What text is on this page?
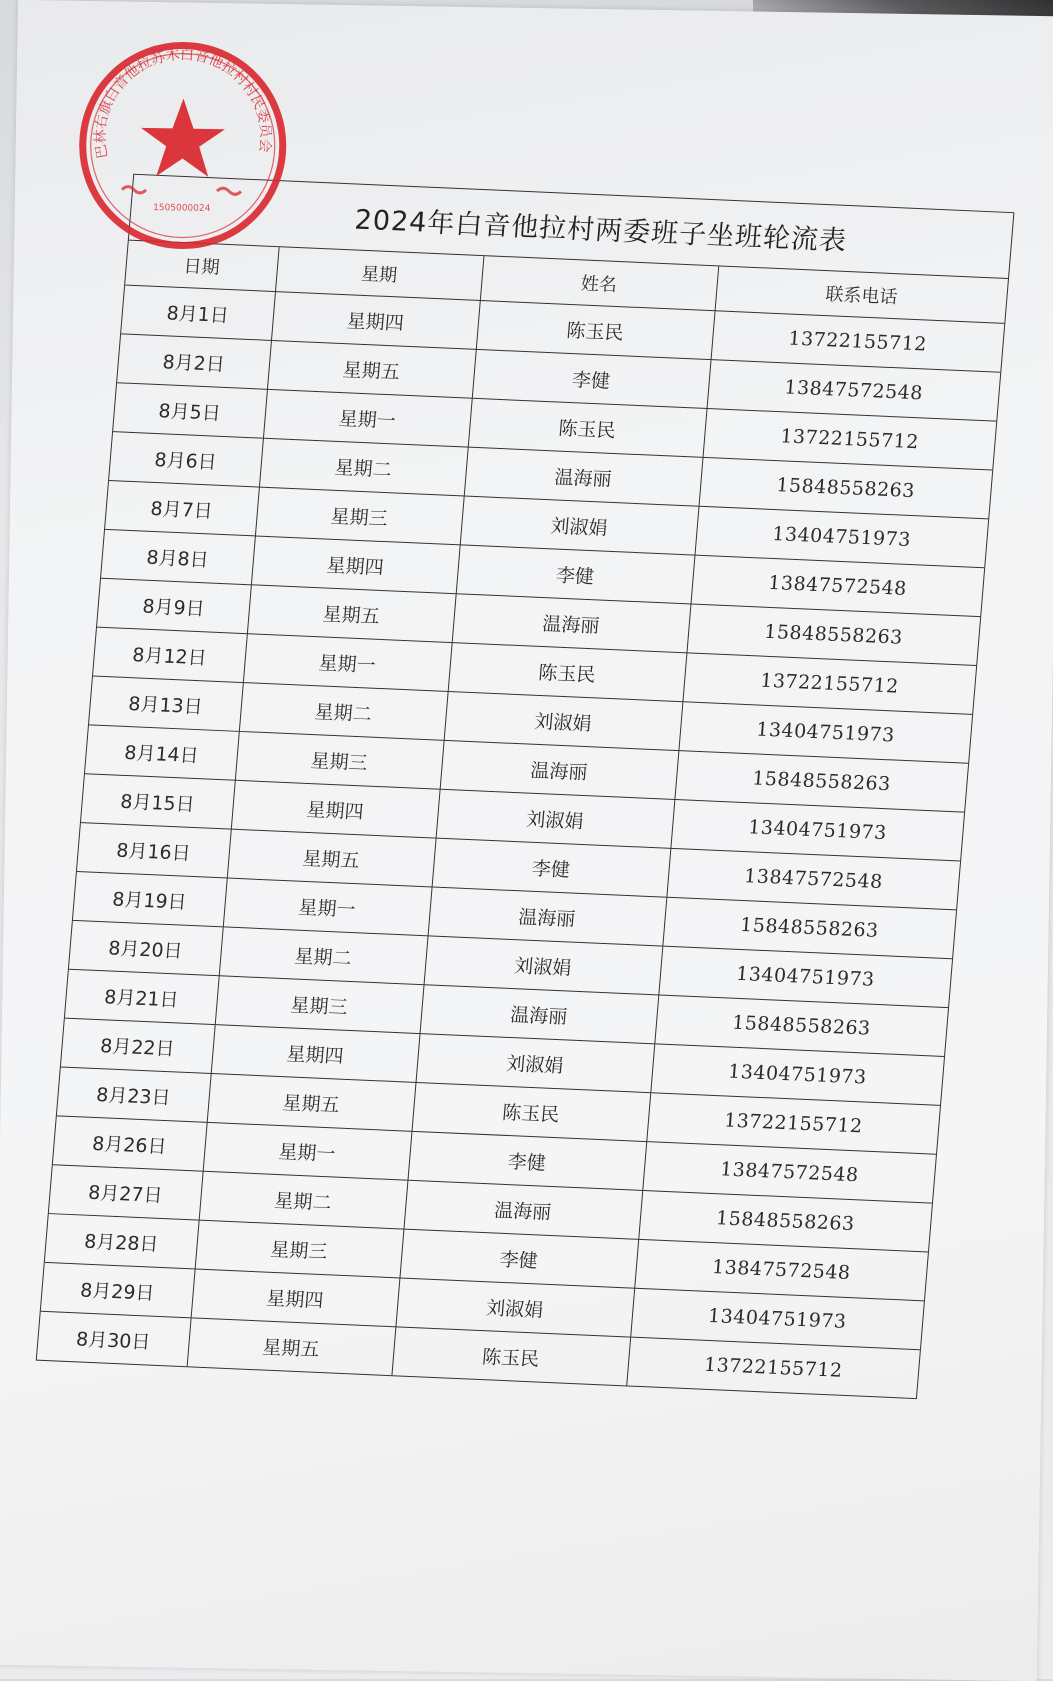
2024年白音他拉村两委班子坐班轮流表
日期	星期	姓名	联系电话
8月1日	星期四	陈玉民	13722155712
8月2日	星期五	李健	13847572548
8月5日	星期一	陈玉民	13722155712
8月6日	星期二	温海丽	15848558263
8月7日	星期三	刘淑娟	13404751973
8月8日	星期四	李健	13847572548
8月9日	星期五	温海丽	15848558263
8月12日	星期一	陈玉民	13722155712
8月13日	星期二	刘淑娟	13404751973
8月14日	星期三	温海丽	15848558263
8月15日	星期四	刘淑娟	13404751973
8月16日	星期五	李健	13847572548
8月19日	星期一	温海丽	15848558263
8月20日	星期二	刘淑娟	13404751973
8月21日	星期三	温海丽	15848558263
8月22日	星期四	刘淑娟	13404751973
8月23日	星期五	陈玉民	13722155712
8月26日	星期一	李健	13847572548
8月27日	星期二	温海丽	15848558263
8月28日	星期三	李健	13847572548
8月29日	星期四	刘淑娟	13404751973
8月30日	星期五	陈玉民	13722155712
巴林右旗白音他拉苏木白音他拉村村民委员会
1505000024
